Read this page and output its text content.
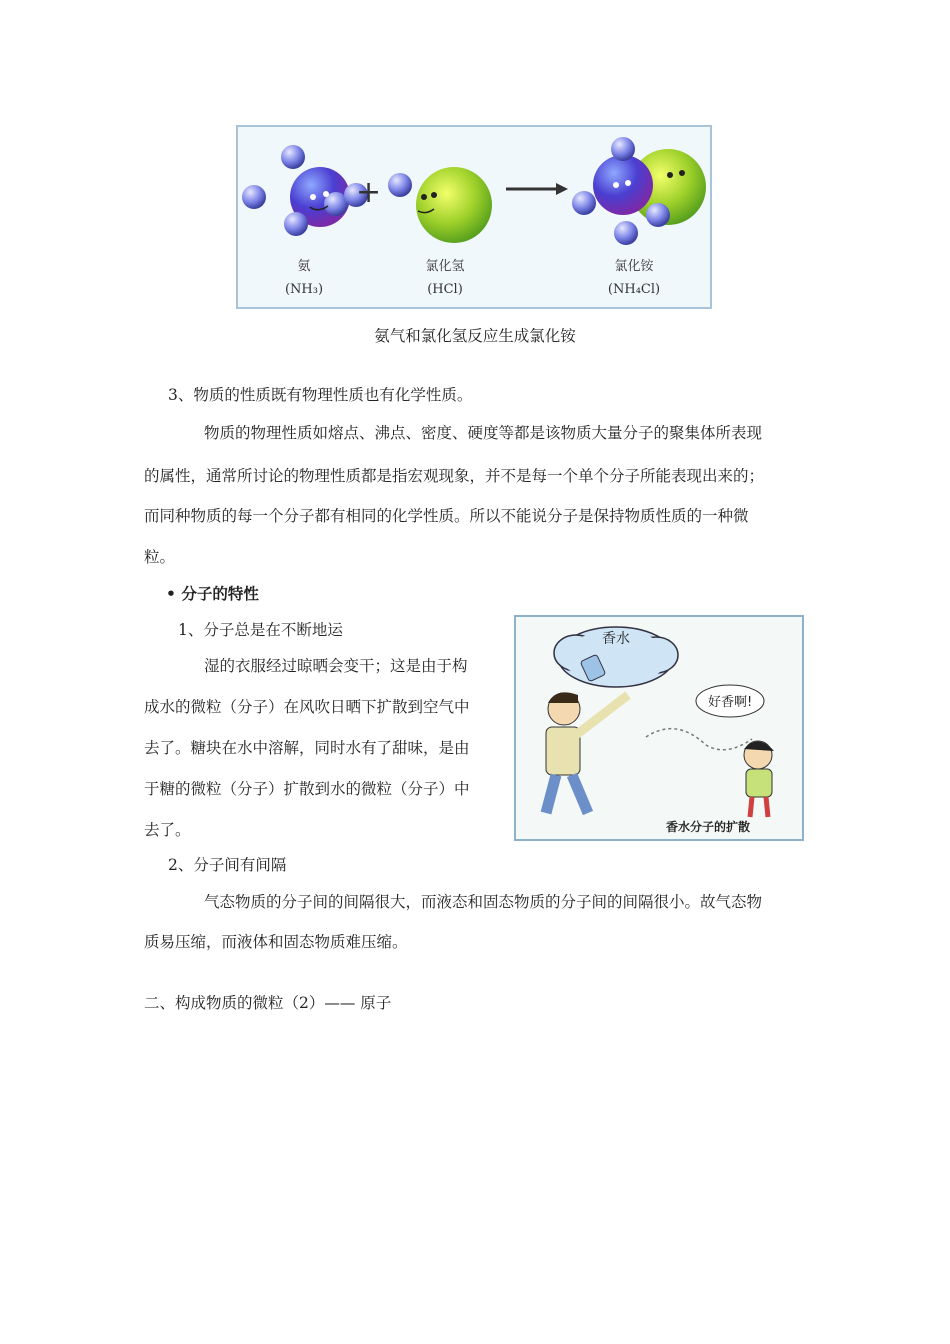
+
氨
(NH₃)
氯化氢
(HCl)
氯化铵
(NH₄Cl)
氨气和氯化氢反应生成氯化铵
3、物质的性质既有物理性质也有化学性质。
物质的物理性质如熔点、沸点、密度、硬度等都是该物质大量分子的聚集体所表现
的属性，通常所讨论的物理性质都是指宏观现象，并不是每一个单个分子所能表现出来的；
而同种物质的每一个分子都有相同的化学性质。所以不能说分子是保持物质性质的一种微
粒。
• 分子的特性
1、分子总是在不断地运
湿的衣服经过晾晒会变干；这是由于构
成水的微粒（分子）在风吹日晒下扩散到空气中
去了。糖块在水中溶解，同时水有了甜味，是由
于糖的微粒（分子）扩散到水的微粒（分子）中
去了。
香水
好香啊!
香水分子的扩散
2、分子间有间隔
气态物质的分子间的间隔很大，而液态和固态物质的分子间的间隔很小。故气态物
质易压缩，而液体和固态物质难压缩。
二、构成物质的微粒（2）—— 原子
